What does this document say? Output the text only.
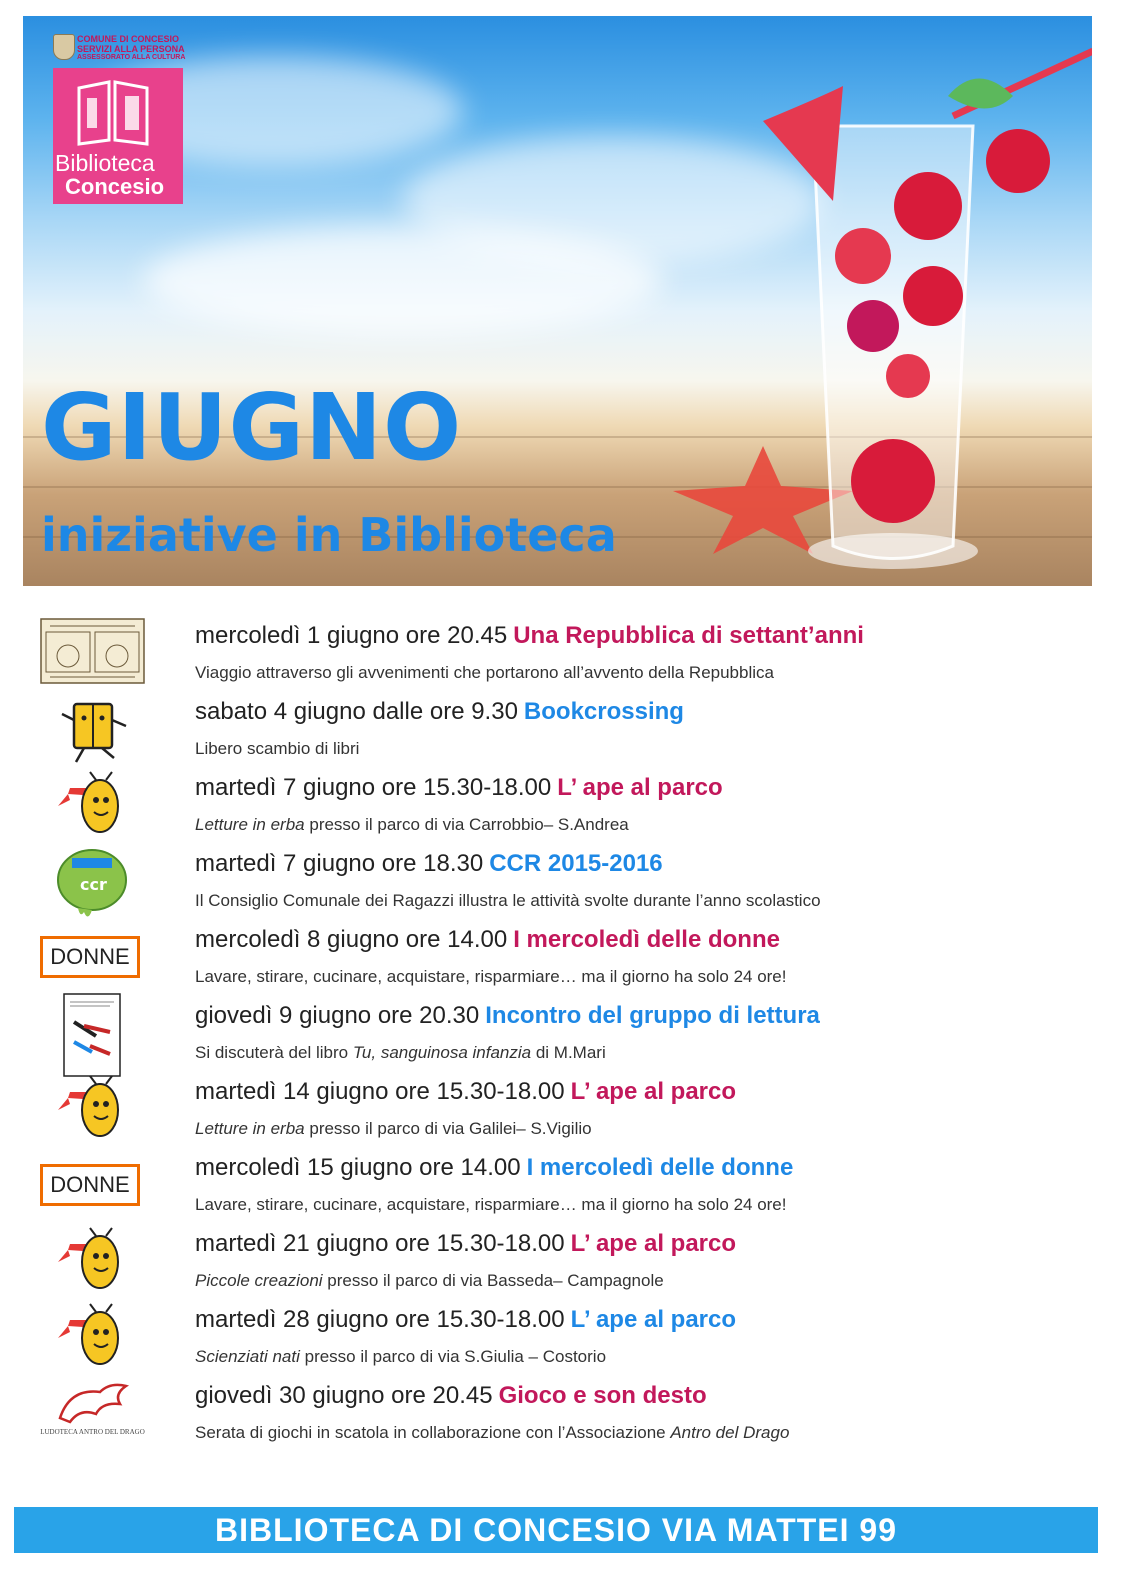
COMUNE DI CONCESIO
SERVIZI ALLA PERSONA
ASSESSORATO ALLA CULTURA
Biblioteca
Concesio
GIUGNO
iniziative in Biblioteca
mercoledì 1 giugno ore 20.45 Una Repubblica di settant’anni
Viaggio attraverso gli avvenimenti che portarono all’avvento della Repubblica
sabato 4 giugno dalle ore 9.30 Bookcrossing
Libero scambio di libri
martedì 7 giugno ore 15.30-18.00 L’ ape al parco
Letture in erba presso il parco di via Carrobbio– S.Andrea
ccr
martedì 7 giugno ore 18.30 CCR 2015-2016
Il Consiglio Comunale dei Ragazzi illustra le attività svolte durante l’anno scolastico
DONNE
mercoledì 8 giugno ore 14.00 I mercoledì delle donne
Lavare, stirare, cucinare, acquistare, risparmiare… ma il giorno ha solo 24 ore!
giovedì 9 giugno ore 20.30 Incontro del gruppo di lettura
Si discuterà del libro Tu, sanguinosa infanzia di M.Mari
martedì 14 giugno ore 15.30-18.00 L’ ape al parco
Letture in erba presso il parco di via Galilei– S.Vigilio
DONNE
mercoledì 15 giugno ore 14.00 I mercoledì delle donne
Lavare, stirare, cucinare, acquistare, risparmiare… ma il giorno ha solo 24 ore!
martedì 21 giugno ore 15.30-18.00 L’ ape al parco
Piccole creazioni presso il parco di via Basseda– Campagnole
martedì 28 giugno ore 15.30-18.00 L’ ape al parco
Scienziati nati presso il parco di via S.Giulia – Costorio
LUDOTECA ANTRO DEL DRAGO
giovedì 30 giugno ore 20.45 Gioco e son desto
Serata di giochi in scatola in collaborazione con l’Associazione Antro del Drago
BIBLIOTECA DI CONCESIO VIA MATTEI 99
